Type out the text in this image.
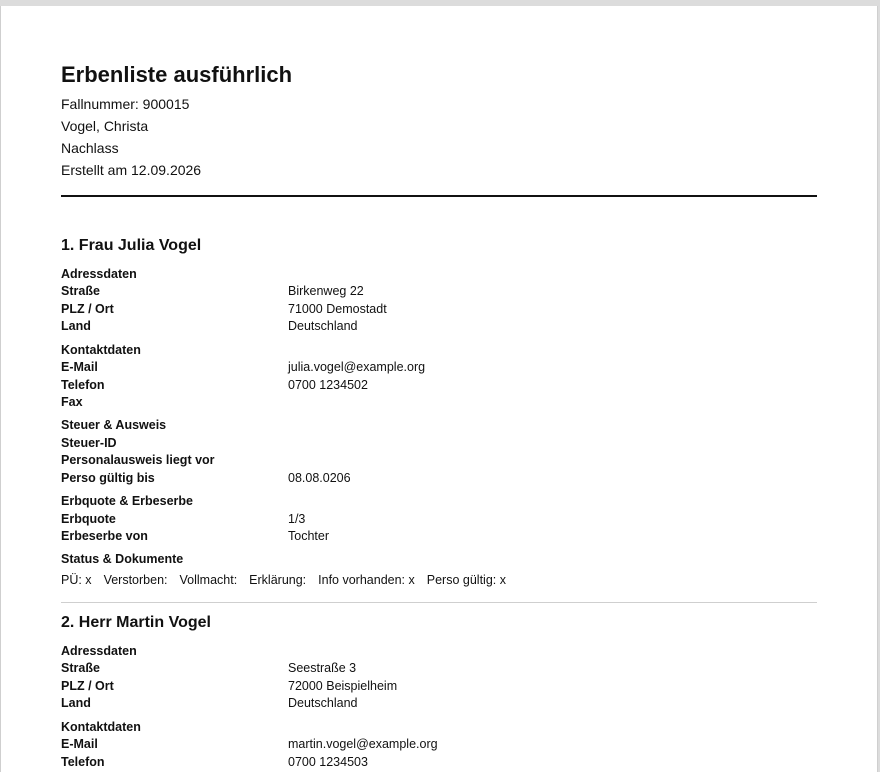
Erbenliste ausführlich
Fallnummer: 900015
Vogel, Christa
Nachlass
Erstellt am 12.09.2026
1. Frau Julia Vogel
Adressdaten
Straße	Birkenweg 22
PLZ / Ort	71000 Demostadt
Land	Deutschland
Kontaktdaten
E-Mail	julia.vogel@example.org
Telefon	0700 1234502
Fax
Steuer & Ausweis
Steuer-ID
Personalausweis liegt vor
Perso gültig bis	08.08.0206
Erbquote & Erbeserbe
Erbquote	1/3
Erbeserbe von	Tochter
Status & Dokumente
PÜ: x Verstorben: Vollmacht: Erklärung: Info vorhanden: x Perso gültig: x
2. Herr Martin Vogel
Adressdaten
Straße	Seestraße 3
PLZ / Ort	72000 Beispielheim
Land	Deutschland
Kontaktdaten
E-Mail	martin.vogel@example.org
Telefon	0700 1234503
